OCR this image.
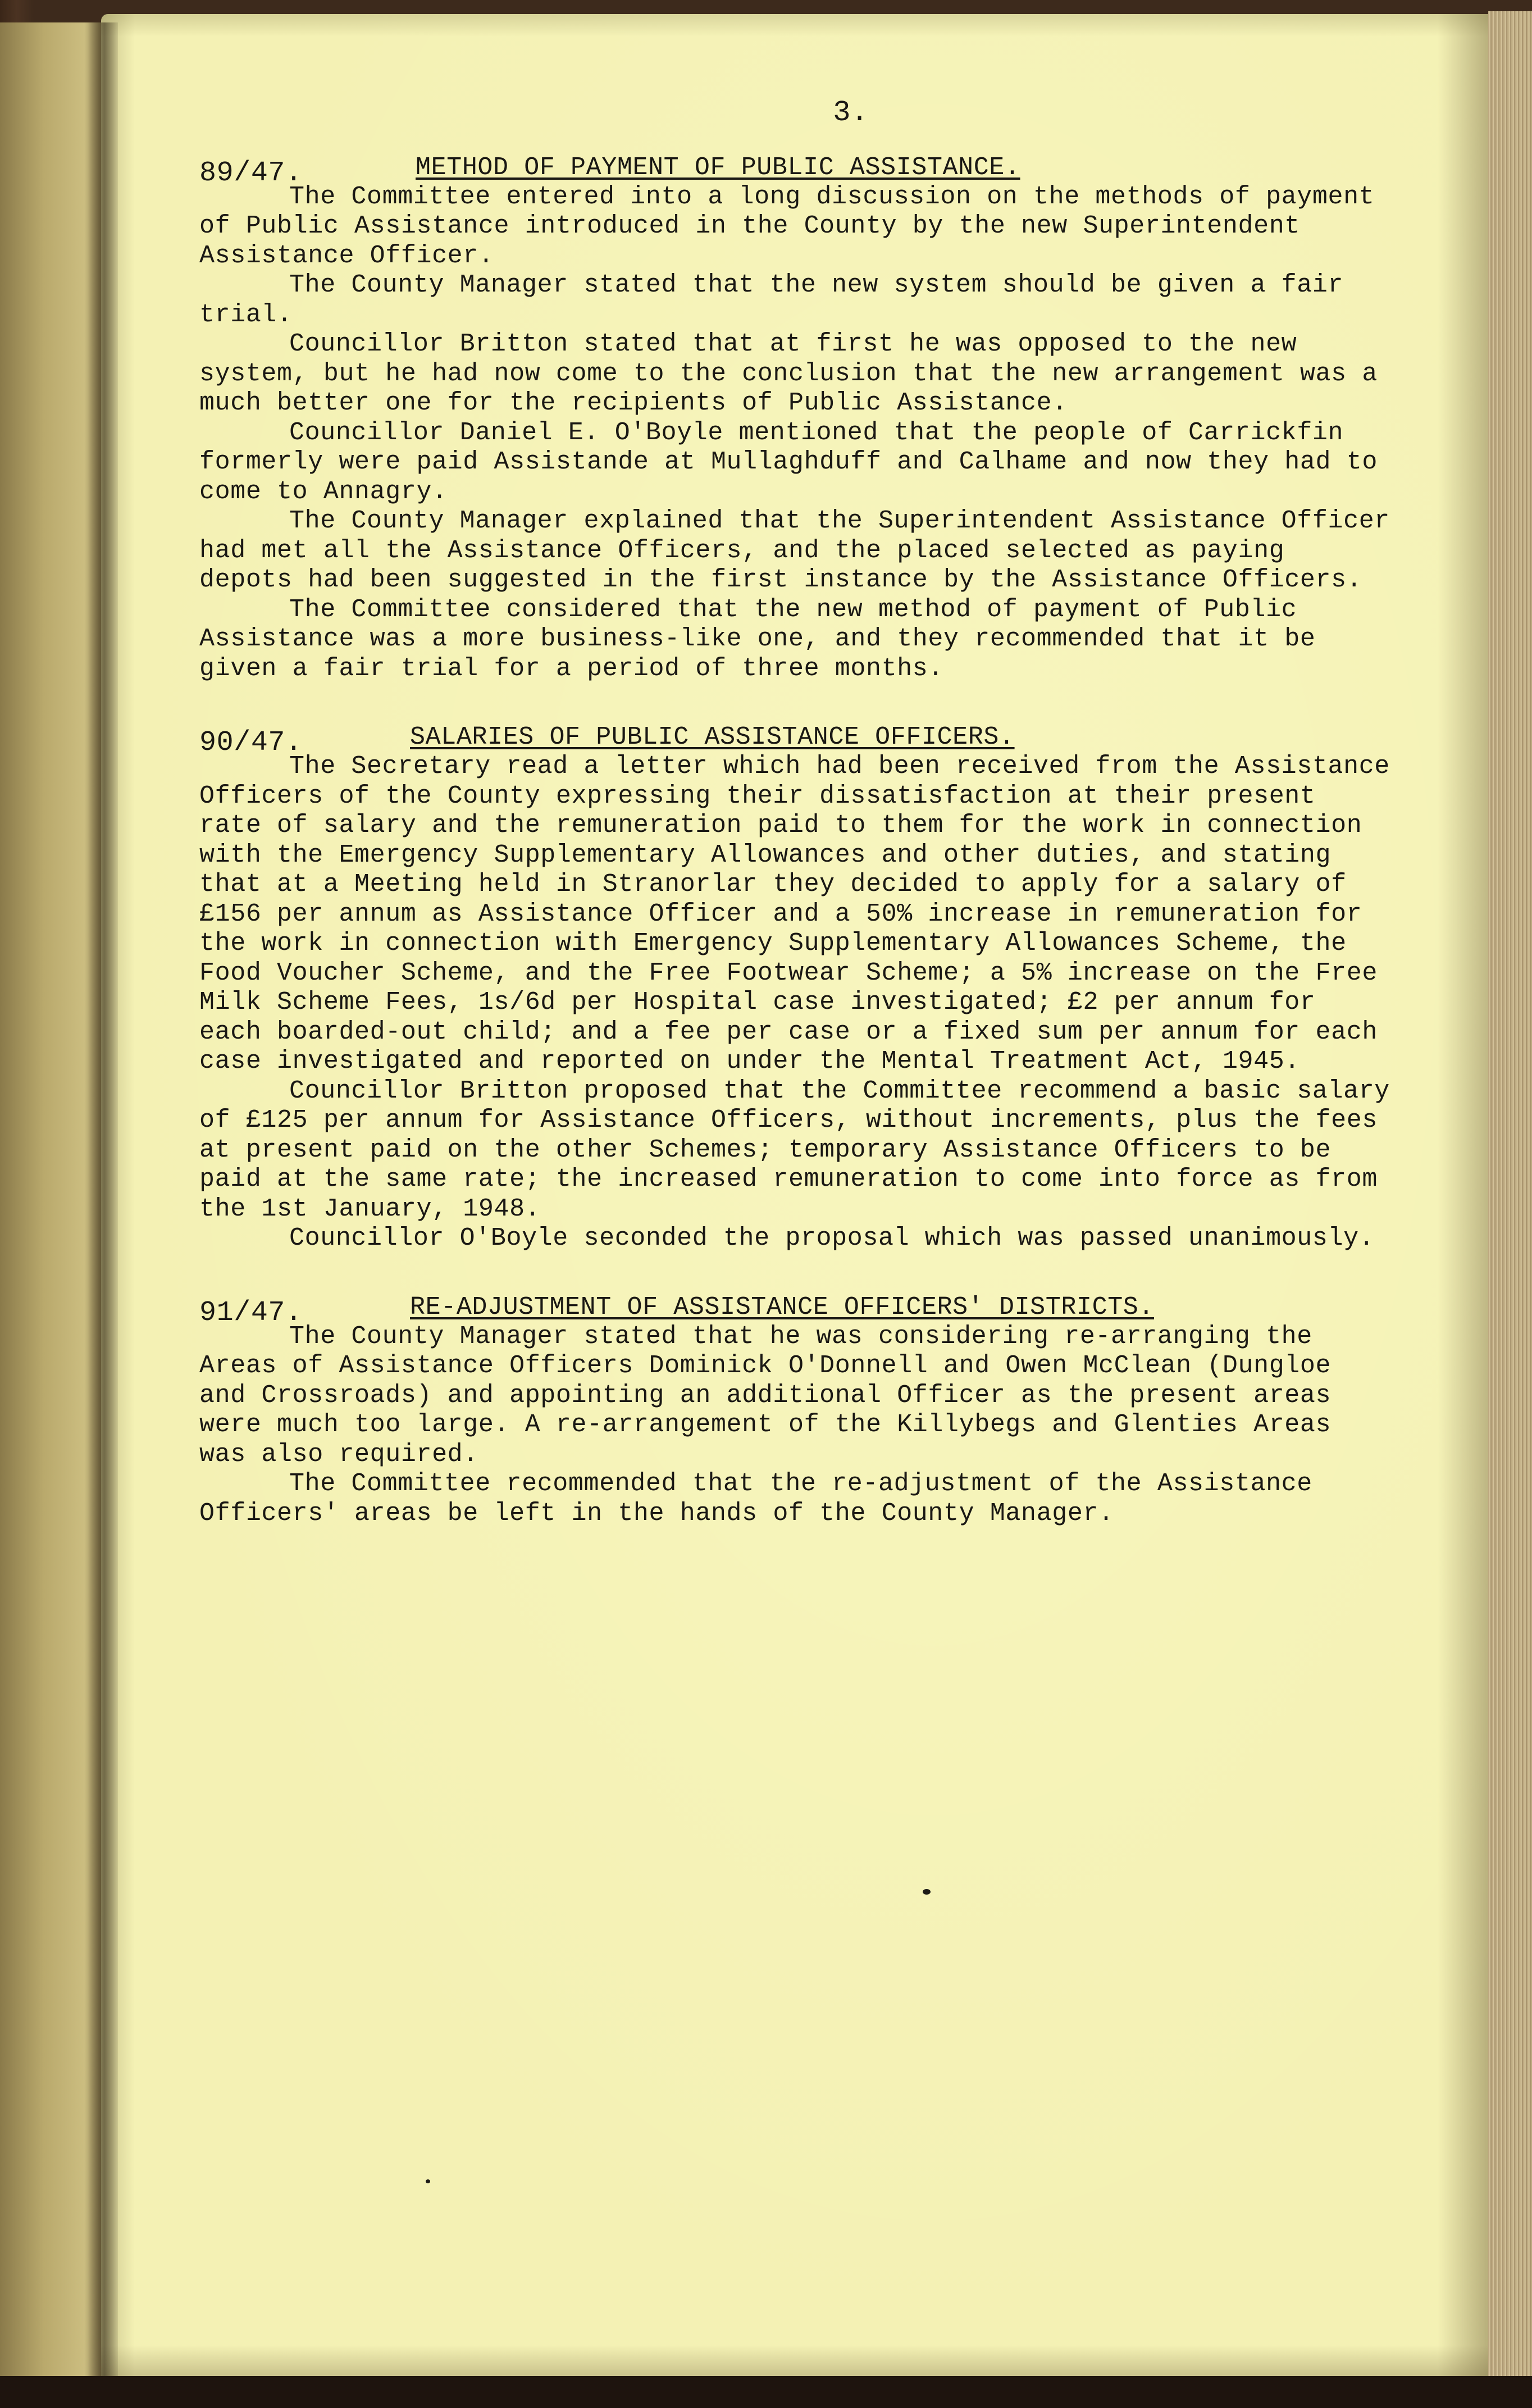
3.
89/47.	METHOD OF PAYMENT OF PUBLIC ASSISTANCE.

The Committee entered into a long discussion on the methods of payment of Public Assistance introduced in the County by the new Superintendent Assistance Officer.

The County Manager stated that the new system should be given a fair trial.

Councillor Britton stated that at first he was opposed to the new system, but he had now come to the conclusion that the new arrangement was a much better one for the recipients of Public Assistance.

Councillor Daniel E. O'Boyle mentioned that the people of Carrickfin formerly were paid Assistande at Mullaghduff and Calhame and now they had to come to Annagry.

The County Manager explained that the Superintendent Assistance Officer had met all the Assistance Officers, and the placed selected as paying depots had been suggested in the first instance by the Assistance Officers.

The Committee considered that the new method of payment of Public Assistance was a more business-like one, and they recommended that it be given a fair trial for a period of three months.

90/47.	SALARIES OF PUBLIC ASSISTANCE OFFICERS.

The Secretary read a letter which had been received from the Assistance Officers of the County expressing their dissatisfaction at their present rate of salary and the remuneration paid to them for the work in connection with the Emergency Supplementary Allowances and other duties, and stating that at a Meeting held in Stranorlar they decided to apply for a salary of £156 per annum as Assistance Officer and a 50% increase in remuneration for the work in connection with Emergency Supplementary Allowances Scheme, the Food Voucher Scheme, and the Free Footwear Scheme; a 5% increase on the Free Milk Scheme Fees, 1s/6d per Hospital case investigated; £2 per annum for each boarded-out child; and a fee per case or a fixed sum per annum for each case investigated and reported on under the Mental Treatment Act, 1945.

Councillor Britton proposed that the Committee recommend a basic salary of £125 per annum for Assistance Officers, without increments, plus the fees at present paid on the other Schemes; temporary Assistance Officers to be paid at the same rate; the increased remuneration to come into force as from the 1st January, 1948.

Councillor O'Boyle seconded the proposal which was passed unanimously.

91/47.	RE-ADJUSTMENT OF ASSISTANCE OFFICERS' DISTRICTS.

The County Manager stated that he was considering re-arranging the Areas of Assistance Officers Dominick O'Donnell and Owen McClean (Dungloe and Crossroads) and appointing an additional Officer as the present areas were much too large. A re-arrangement of the Killybegs and Glenties Areas was also required.

The Committee recommended that the re-adjustment of the Assistance Officers' areas be left in the hands of the County Manager.
